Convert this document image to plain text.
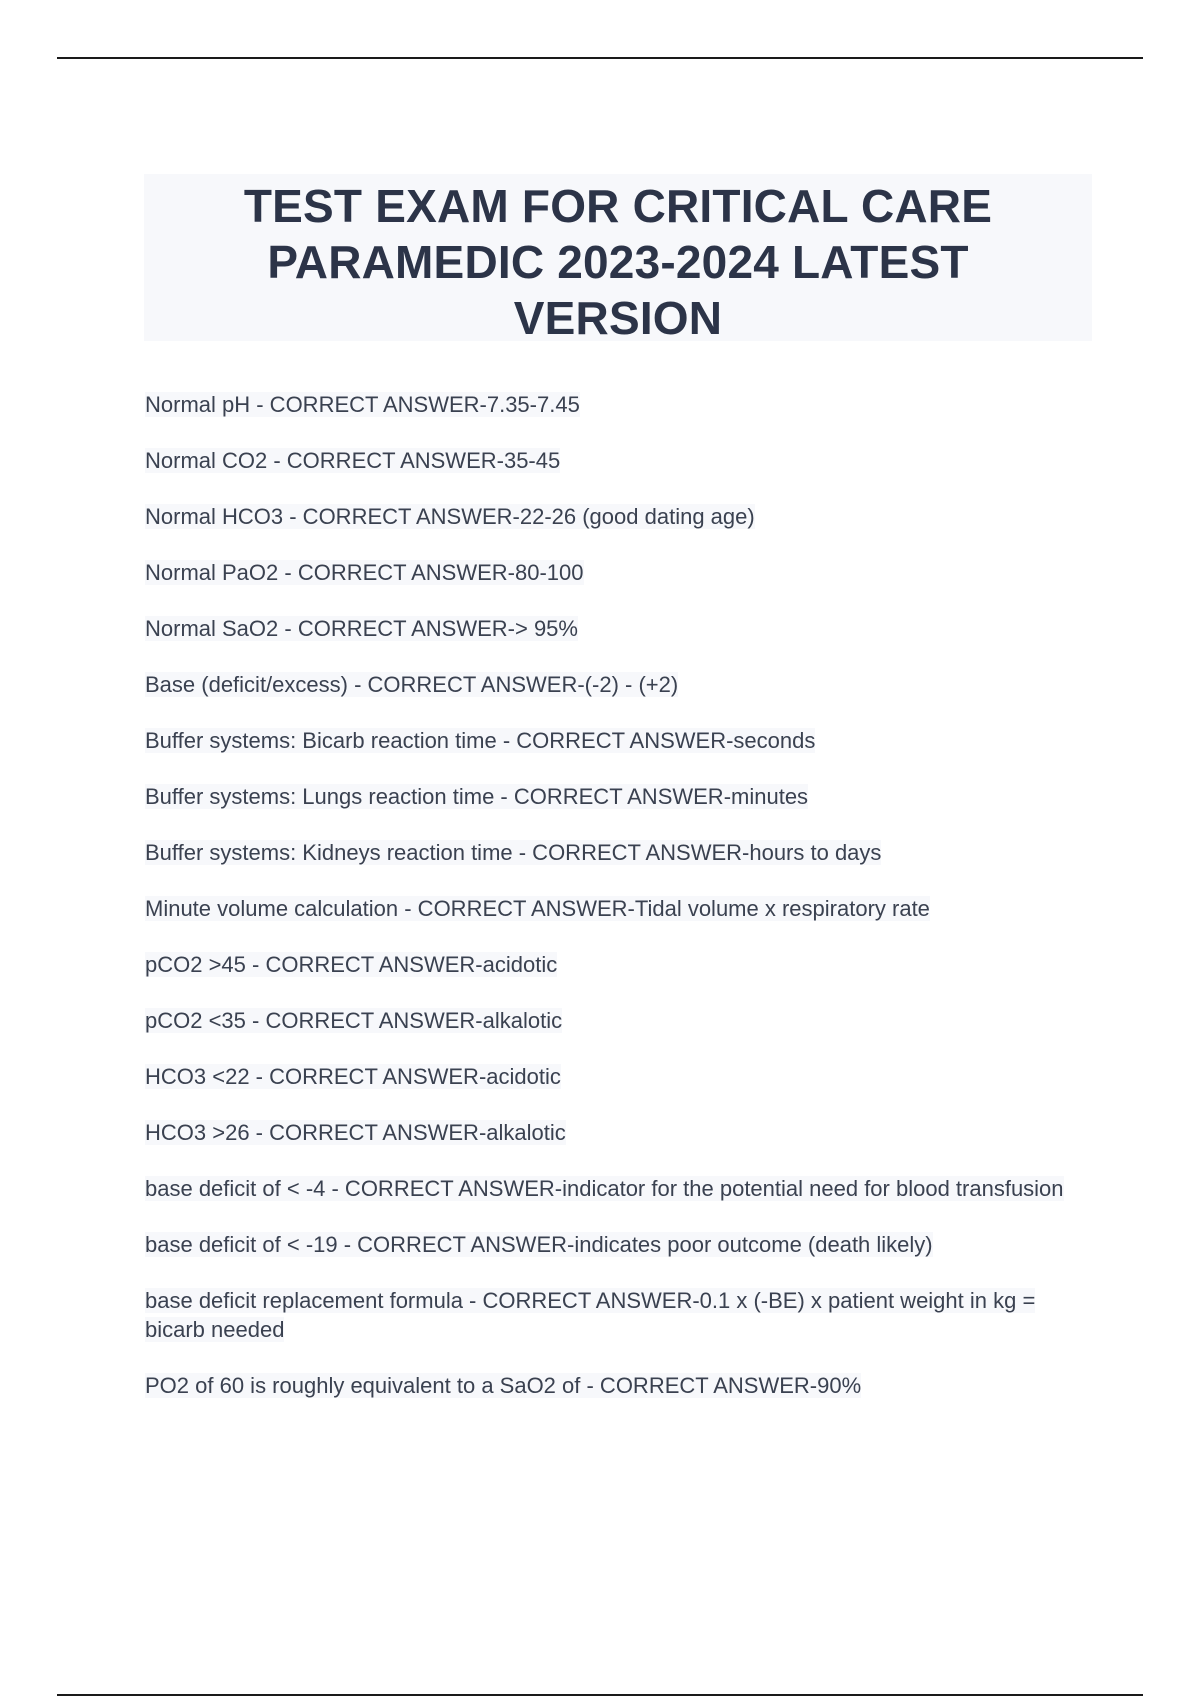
TEST EXAM FOR CRITICAL CARE
PARAMEDIC 2023-2024 LATEST
VERSION

Normal pH - CORRECT ANSWER-7.35-7.45

Normal CO2 - CORRECT ANSWER-35-45

Normal HCO3 - CORRECT ANSWER-22-26 (good dating age)

Normal PaO2 - CORRECT ANSWER-80-100

Normal SaO2 - CORRECT ANSWER-> 95%

Base (deficit/excess) - CORRECT ANSWER-(-2) - (+2)

Buffer systems: Bicarb reaction time - CORRECT ANSWER-seconds

Buffer systems: Lungs reaction time - CORRECT ANSWER-minutes

Buffer systems: Kidneys reaction time - CORRECT ANSWER-hours to days

Minute volume calculation - CORRECT ANSWER-Tidal volume x respiratory rate

pCO2 >45 - CORRECT ANSWER-acidotic

pCO2 <35 - CORRECT ANSWER-alkalotic

HCO3 <22 - CORRECT ANSWER-acidotic

HCO3 >26 - CORRECT ANSWER-alkalotic

base deficit of < -4 - CORRECT ANSWER-indicator for the potential need for blood transfusion

base deficit of < -19 - CORRECT ANSWER-indicates poor outcome (death likely)

base deficit replacement formula - CORRECT ANSWER-0.1 x (-BE) x patient weight in kg = bicarb needed

PO2 of 60 is roughly equivalent to a SaO2 of - CORRECT ANSWER-90%
